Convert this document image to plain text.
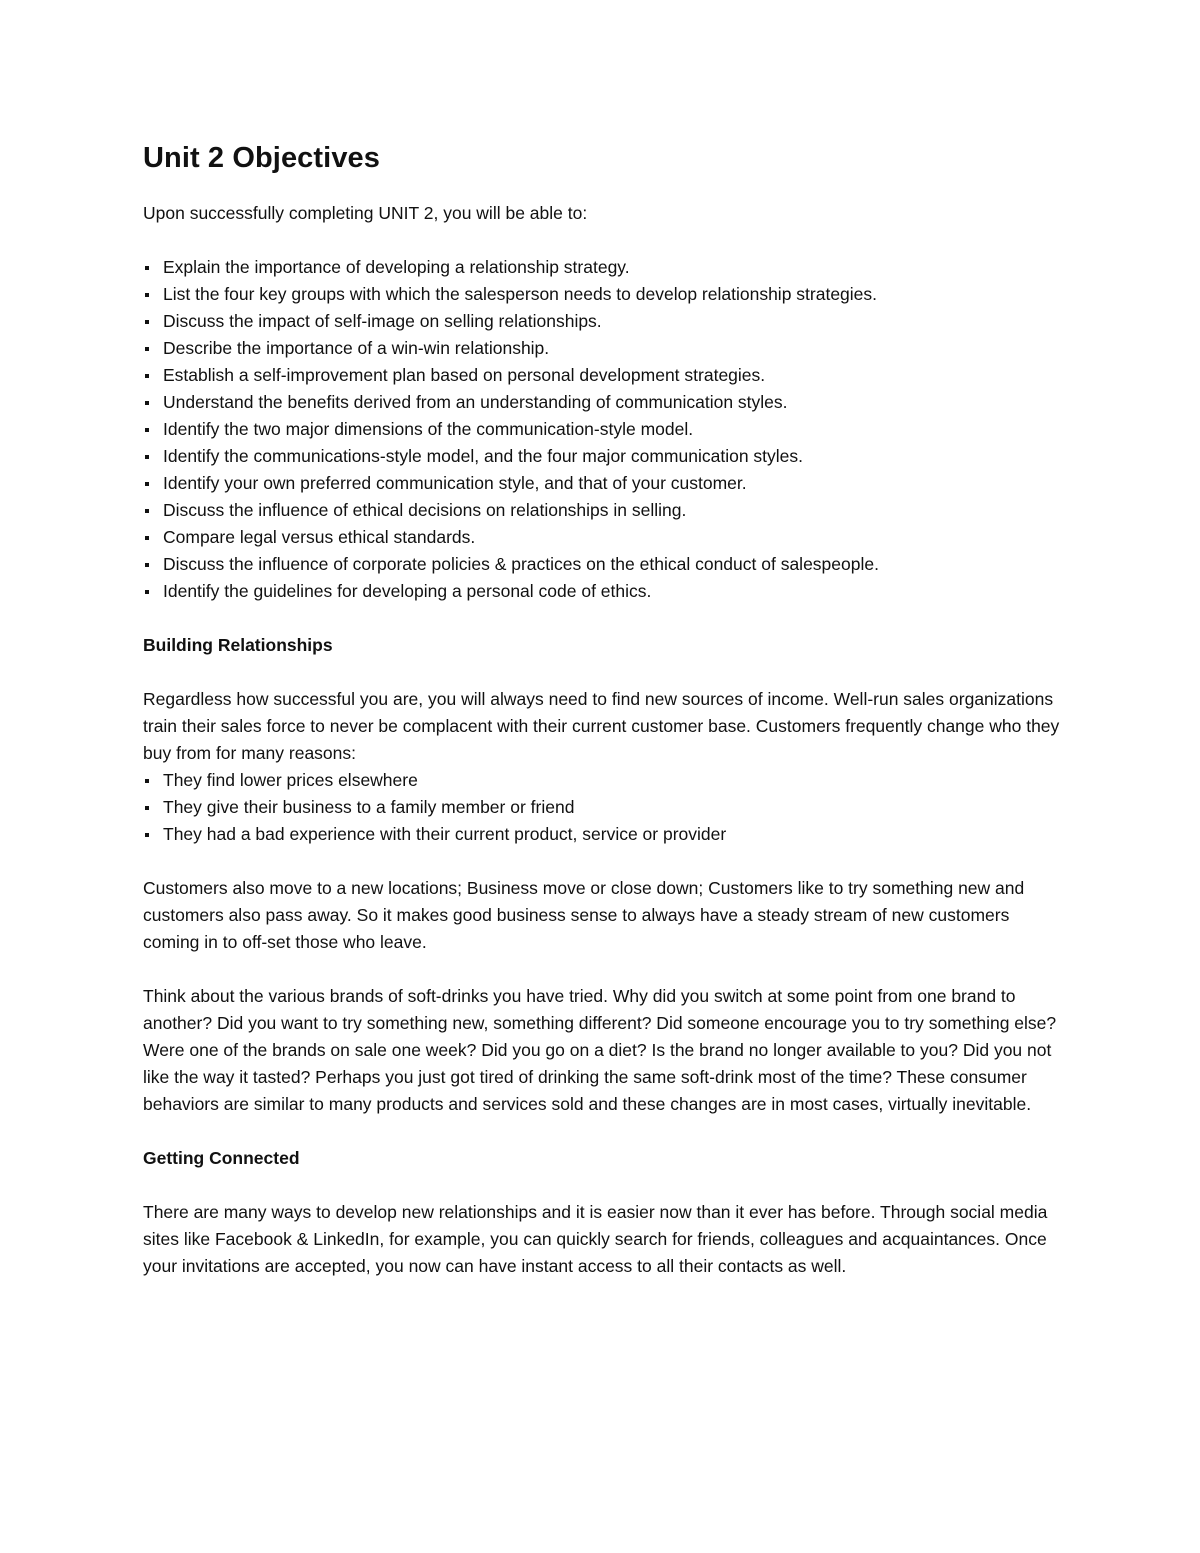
Unit 2 Objectives

Upon successfully completing UNIT 2, you will be able to:

Explain the importance of developing a relationship strategy.
List the four key groups with which the salesperson needs to develop relationship strategies.
Discuss the impact of self-image on selling relationships.
Describe the importance of a win-win relationship.
Establish a self-improvement plan based on personal development strategies.
Understand the benefits derived from an understanding of communication styles.
Identify the two major dimensions of the communication-style model.
Identify the communications-style model, and the four major communication styles.
Identify your own preferred communication style, and that of your customer.
Discuss the influence of ethical decisions on relationships in selling.
Compare legal versus ethical standards.
Discuss the influence of corporate policies & practices on the ethical conduct of salespeople.
Identify the guidelines for developing a personal code of ethics.
Building Relationships

Regardless how successful you are, you will always need to find new sources of income. Well-run sales organizations train their sales force to never be complacent with their current customer base. Customers frequently change who they buy from for many reasons:

They find lower prices elsewhere
They give their business to a family member or friend
They had a bad experience with their current product, service or provider

Customers also move to a new locations; Business move or close down; Customers like to try something new and customers also pass away. So it makes good business sense to always have a steady stream of new customers coming in to off-set those who leave.

Think about the various brands of soft-drinks you have tried. Why did you switch at some point from one brand to another? Did you want to try something new, something different? Did someone encourage you to try something else? Were one of the brands on sale one week? Did you go on a diet? Is the brand no longer available to you? Did you not like the way it tasted? Perhaps you just got tired of drinking the same soft-drink most of the time? These consumer behaviors are similar to many products and services sold and these changes are in most cases, virtually inevitable.

Getting Connected

There are many ways to develop new relationships and it is easier now than it ever has before. Through social media sites like Facebook & LinkedIn, for example, you can quickly search for friends, colleagues and acquaintances. Once your invitations are accepted, you now can have instant access to all their contacts as well.
